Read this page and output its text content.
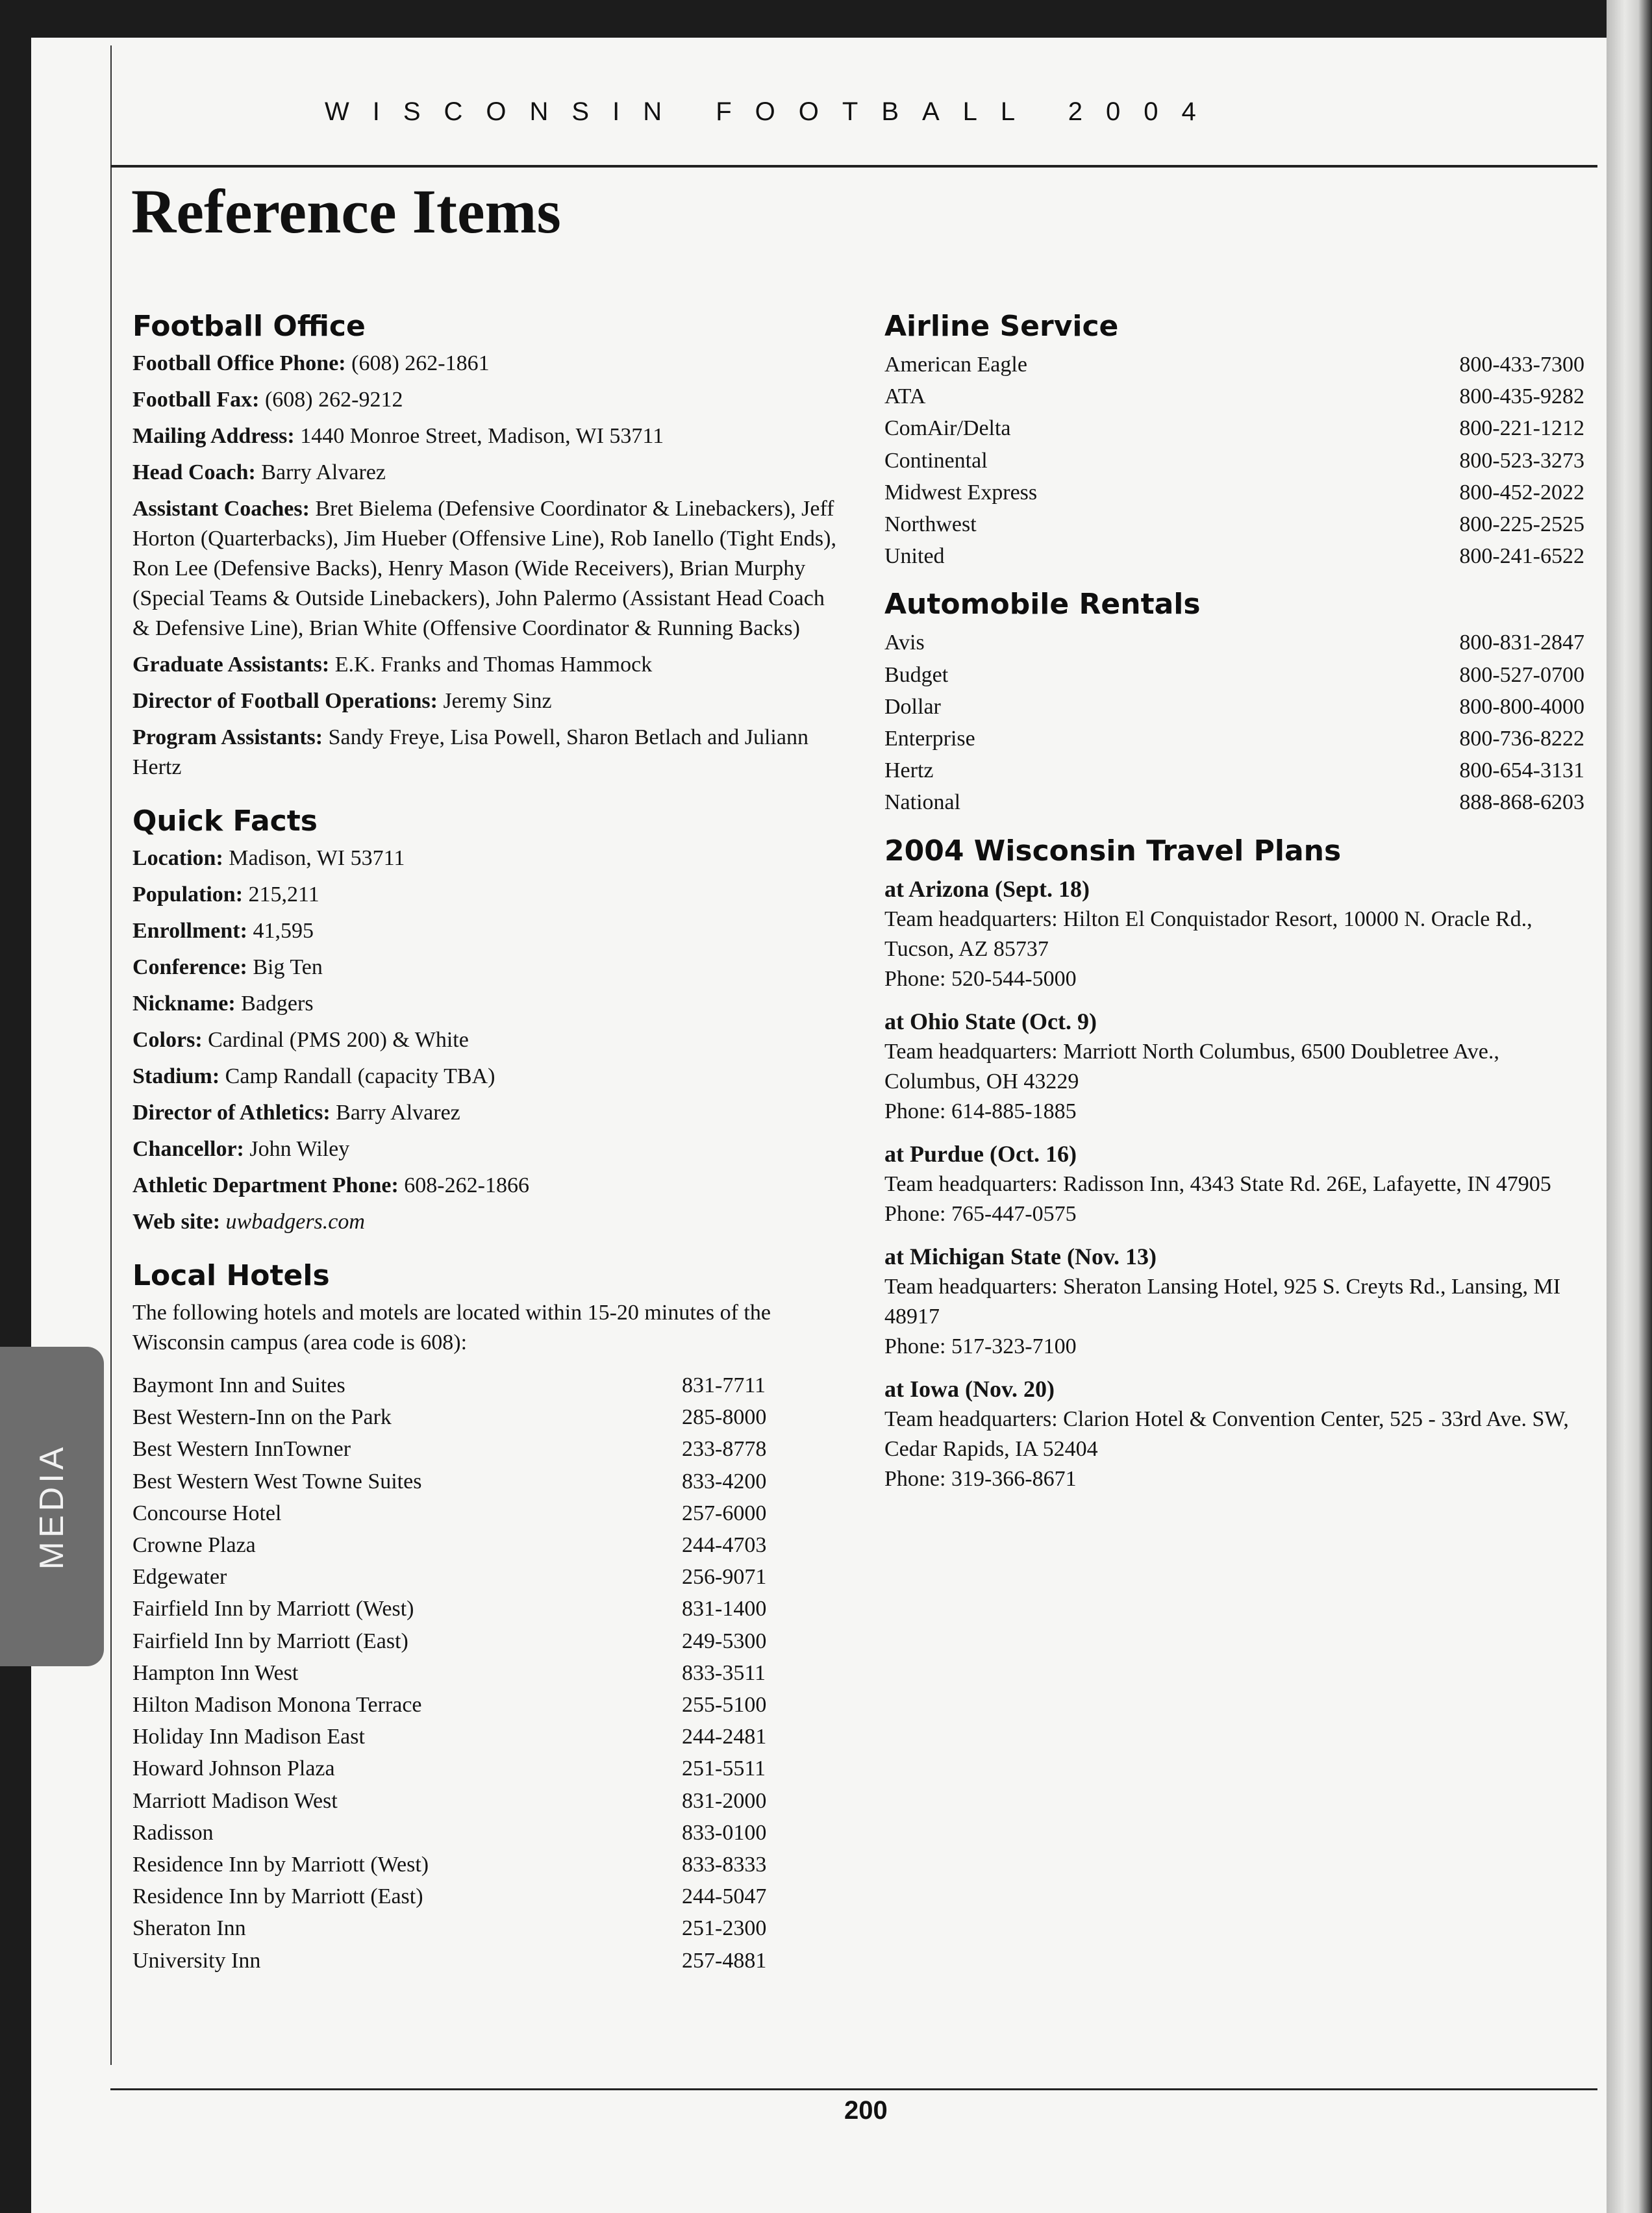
WISCONSIN FOOTBALL 2004
Reference Items
Football Office
Football Office Phone: (608) 262-1861
Football Fax: (608) 262-9212
Mailing Address: 1440 Monroe Street, Madison, WI 53711
Head Coach: Barry Alvarez
Assistant Coaches: Bret Bielema (Defensive Coordinator & Linebackers), Jeff Horton (Quarterbacks), Jim Hueber (Offensive Line), Rob Ianello (Tight Ends), Ron Lee (Defensive Backs), Henry Mason (Wide Receivers), Brian Murphy (Special Teams & Outside Linebackers), John Palermo (Assistant Head Coach & Defensive Line), Brian White (Offensive Coordinator & Running Backs)
Graduate Assistants: E.K. Franks and Thomas Hammock
Director of Football Operations: Jeremy Sinz
Program Assistants: Sandy Freye, Lisa Powell, Sharon Betlach and Juliann Hertz
Quick Facts
Location: Madison, WI 53711
Population: 215,211
Enrollment: 41,595
Conference: Big Ten
Nickname: Badgers
Colors: Cardinal (PMS 200) & White
Stadium: Camp Randall (capacity TBA)
Director of Athletics: Barry Alvarez
Chancellor: John Wiley
Athletic Department Phone: 608-262-1866
Web site: uwbadgers.com
Local Hotels
The following hotels and motels are located within 15-20 minutes of the Wisconsin campus (area code is 608):
Baymont Inn and Suites	831-7711
Best Western-Inn on the Park	285-8000
Best Western InnTowner	233-8778
Best Western West Towne Suites	833-4200
Concourse Hotel	257-6000
Crowne Plaza	244-4703
Edgewater	256-9071
Fairfield Inn by Marriott (West)	831-1400
Fairfield Inn by Marriott (East)	249-5300
Hampton Inn West	833-3511
Hilton Madison Monona Terrace	255-5100
Holiday Inn Madison East	244-2481
Howard Johnson Plaza	251-5511
Marriott Madison West	831-2000
Radisson	833-0100
Residence Inn by Marriott (West)	833-8333
Residence Inn by Marriott (East)	244-5047
Sheraton Inn	251-2300
University Inn	257-4881
Airline Service
American Eagle	800-433-7300
ATA	800-435-9282
ComAir/Delta	800-221-1212
Continental	800-523-3273
Midwest Express	800-452-2022
Northwest	800-225-2525
United	800-241-6522
Automobile Rentals
Avis	800-831-2847
Budget	800-527-0700
Dollar	800-800-4000
Enterprise	800-736-8222
Hertz	800-654-3131
National	888-868-6203
2004 Wisconsin Travel Plans
at Arizona (Sept. 18)
Team headquarters: Hilton El Conquistador Resort, 10000 N. Oracle Rd., Tucson, AZ 85737
Phone: 520-544-5000
at Ohio State (Oct. 9)
Team headquarters: Marriott North Columbus, 6500 Doubletree Ave., Columbus, OH 43229
Phone: 614-885-1885
at Purdue (Oct. 16)
Team headquarters: Radisson Inn, 4343 State Rd. 26E, Lafayette, IN 47905
Phone: 765-447-0575
at Michigan State (Nov. 13)
Team headquarters: Sheraton Lansing Hotel, 925 S. Creyts Rd., Lansing, MI 48917
Phone: 517-323-7100
at Iowa (Nov. 20)
Team headquarters: Clarion Hotel & Convention Center, 525 - 33rd Ave. SW, Cedar Rapids, IA 52404
Phone: 319-366-8671
MEDIA
200
